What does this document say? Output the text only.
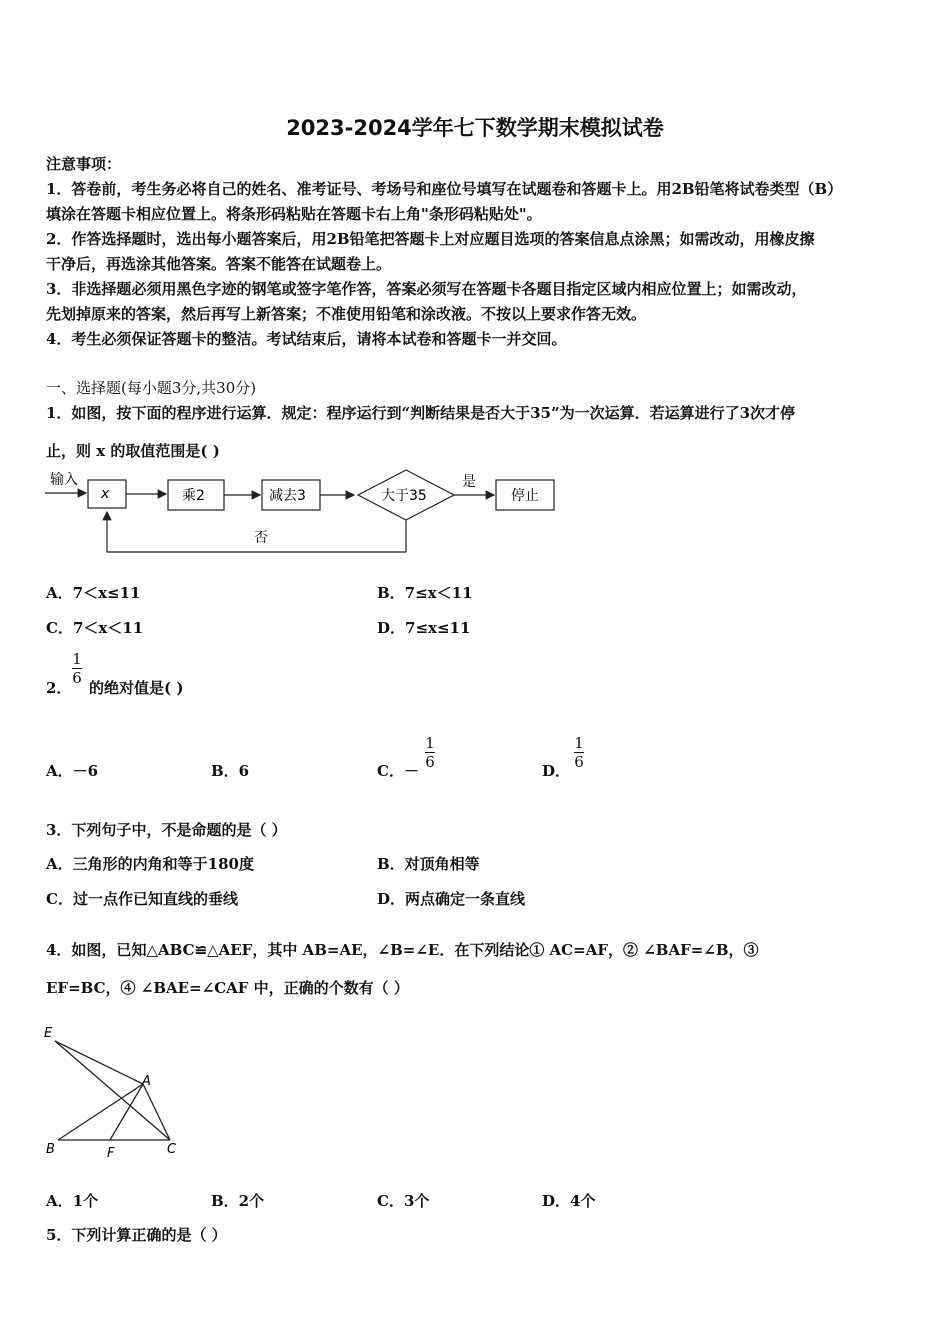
2023-2024学年七下数学期末模拟试卷
注意事项：
1．答卷前，考生务必将自己的姓名、准考证号、考场号和座位号填写在试题卷和答题卡上。用2B铅笔将试卷类型（B）
填涂在答题卡相应位置上。将条形码粘贴在答题卡右上角"条形码粘贴处"。
2．作答选择题时，选出每小题答案后，用2B铅笔把答题卡上对应题目选项的答案信息点涂黑；如需改动，用橡皮擦
干净后，再选涂其他答案。答案不能答在试题卷上。
3．非选择题必须用黑色字迹的钢笔或签字笔作答，答案必须写在答题卡各题目指定区域内相应位置上；如需改动，
先划掉原来的答案，然后再写上新答案；不准使用铅笔和涂改液。不按以上要求作答无效。
4．考生必须保证答题卡的整洁。考试结束后，请将本试卷和答题卡一并交回。
一、选择题(每小题3分,共30分)
1．如图，按下面的程序进行运算．规定：程序运行到“判断结果是否大于35”为一次运算．若运算进行了3次才停
止，则 x 的取值范围是( )
输入
x	乘2	减去3	大于35
是
停止
否
A．7＜x≤11	B．7≤x＜11
C．7＜x＜11	D．7≤x≤11
2．
1
6
的绝对值是( )
A．－6	B．6	C．－
1
6	D．
1
6
3．下列句子中，不是命题的是（ ）
A．三角形的内角和等于180度	B．对顶角相等
C．过一点作已知直线的垂线	D．两点确定一条直线
4．如图，已知△ABC≌△AEF，其中 AB=AE，∠B=∠E．在下列结论① AC=AF，② ∠BAF=∠B，③
EF=BC，④ ∠BAE=∠CAF 中，正确的个数有（ ）
E
A
B	F	C
A．1个	B．2个	C．3个	D．4个
5．下列计算正确的是（ ）
